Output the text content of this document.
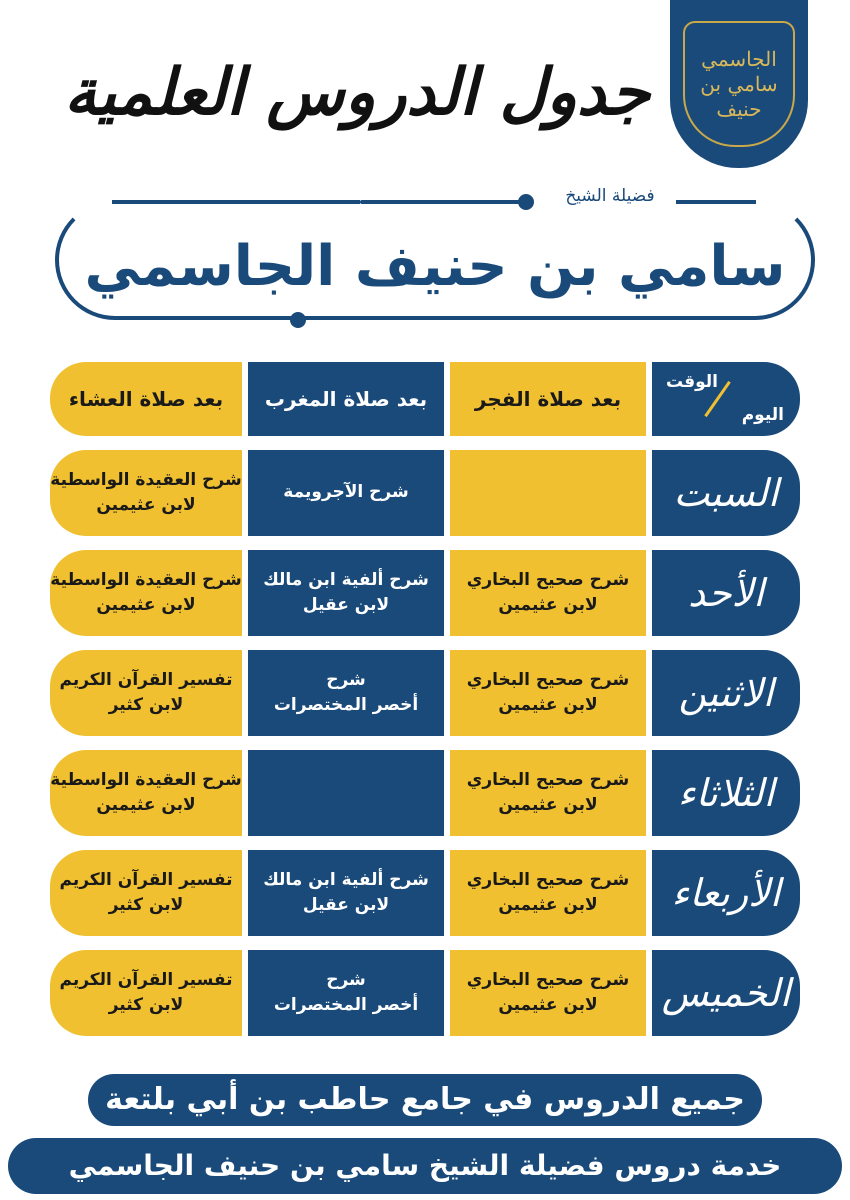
الجاسمي سامي بن حنيف
جدول الدروس العلمية
فضيلة الشيخ
سامي بن حنيف الجاسمي
الوقت
اليوم
بعد صلاة الفجر
بعد صلاة المغرب
بعد صلاة العشاء
السبت
شرح الآجرويمة
شرح العقيدة الواسطية
لابن عثيمين
الأحد
شرح صحيح البخاري
لابن عثيمين
شرح ألفية ابن مالك
لابن عقيل
شرح العقيدة الواسطية
لابن عثيمين
الاثنين
شرح صحيح البخاري
لابن عثيمين
شرح
أخصر المختصرات
تفسير القرآن الكريم
لابن كثير
الثلاثاء
شرح صحيح البخاري
لابن عثيمين
شرح العقيدة الواسطية
لابن عثيمين
الأربعاء
شرح صحيح البخاري
لابن عثيمين
شرح ألفية ابن مالك
لابن عقيل
تفسير القرآن الكريم
لابن كثير
الخميس
شرح صحيح البخاري
لابن عثيمين
شرح
أخصر المختصرات
تفسير القرآن الكريم
لابن كثير
جميع الدروس في جامع حاطب بن أبي بلتعة
خدمة دروس فضيلة الشيخ سامي بن حنيف الجاسمي
